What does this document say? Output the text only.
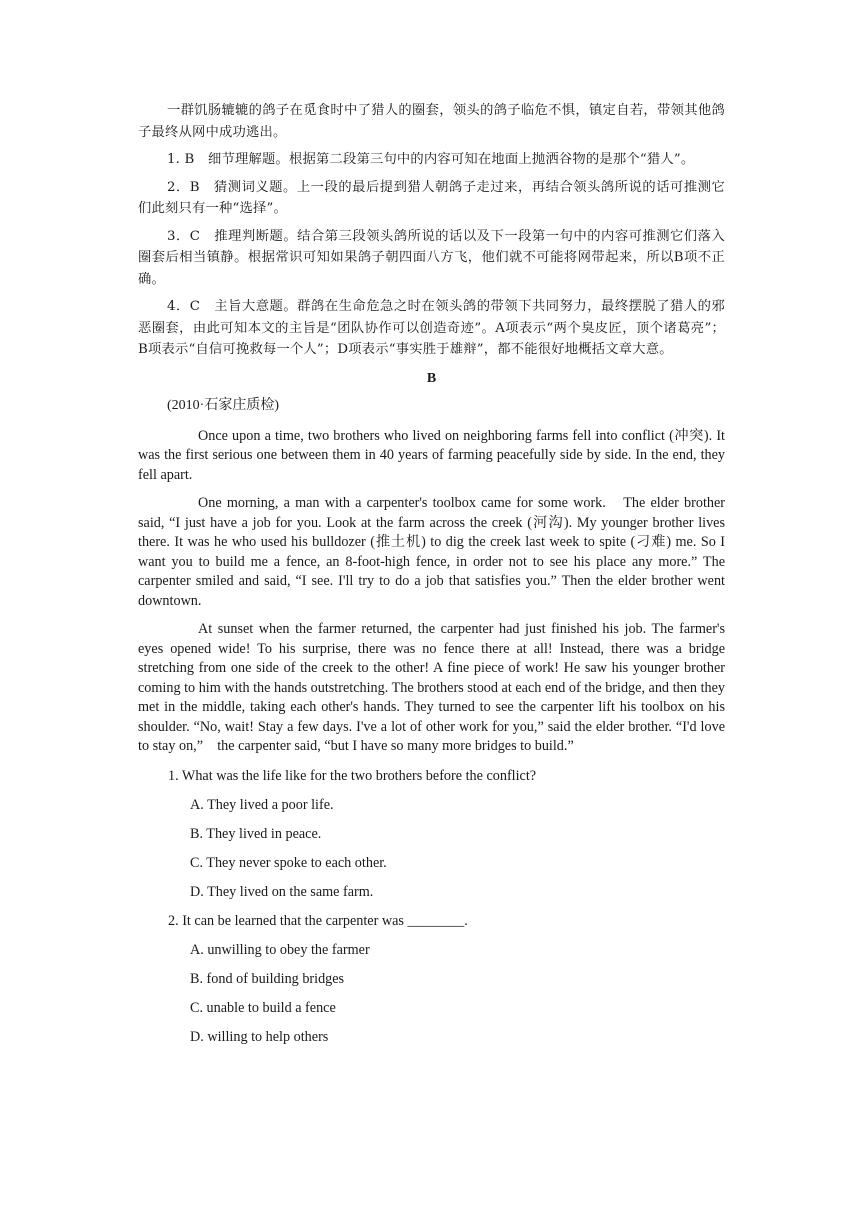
一群饥肠辘辘的鸽子在觅食时中了猎人的圈套，领头的鸽子临危不惧，镇定自若，带领其他鸽子最终从网中成功逃出。

1. B　细节理解题。根据第二段第三句中的内容可知在地面上抛洒谷物的是那个“猎人”。

2．B　猜测词义题。上一段的最后提到猎人朝鸽子走过来，再结合领头鸽所说的话可推测它们此刻只有一种“选择”。

3．C　推理判断题。结合第三段领头鸽所说的话以及下一段第一句中的内容可推测它们落入圈套后相当镇静。根据常识可知如果鸽子朝四面八方飞，他们就不可能将网带起来，所以B项不正确。

4．C　主旨大意题。群鸽在生命危急之时在领头鸽的带领下共同努力，最终摆脱了猎人的邪恶圈套，由此可知本文的主旨是“团队协作可以创造奇迹”。A项表示“两个臭皮匠，顶个诸葛亮”；B项表示“自信可挽救每一个人”；D项表示“事实胜于雄辩”，都不能很好地概括文章大意。

B
(2010·石家庄质检)

Once upon a time, two brothers who lived on neighboring farms fell into conflict (冲突). It was the first serious one between them in 40 years of farming peacefully side by side. In the end, they fell apart.

One morning, a man with a carpenter's toolbox came for some work.　The elder brother said, “I just have a job for you. Look at the farm across the creek (河沟). My younger brother lives there. It was he who used his bulldozer (推土机) to dig the creek last week to spite (刁难) me. So I want you to build me a fence, an 8-foot-high fence, in order not to see his place any more.” The carpenter smiled and said, “I see. I'll try to do a job that satisfies you.” Then the elder brother went downtown.

At sunset when the farmer returned, the carpenter had just finished his job. The farmer's eyes opened wide! To his surprise, there was no fence there at all! Instead, there was a bridge stretching from one side of the creek to the other! A fine piece of work! He saw his younger brother coming to him with the hands outstretching. The brothers stood at each end of the bridge, and then they met in the middle, taking each other's hands. They turned to see the carpenter lift his toolbox on his shoulder. “No, wait! Stay a few days. I've a lot of other work for you,” said the elder brother. “I'd love to stay on,”　the carpenter said, “but I have so many more bridges to build.”

1. What was the life like for the two brothers before the conflict?
A. They lived a poor life.
B. They lived in peace.
C. They never spoke to each other.
D. They lived on the same farm.
2. It can be learned that the carpenter was ________.
A. unwilling to obey the farmer
B. fond of building bridges
C. unable to build a fence
D. willing to help others
